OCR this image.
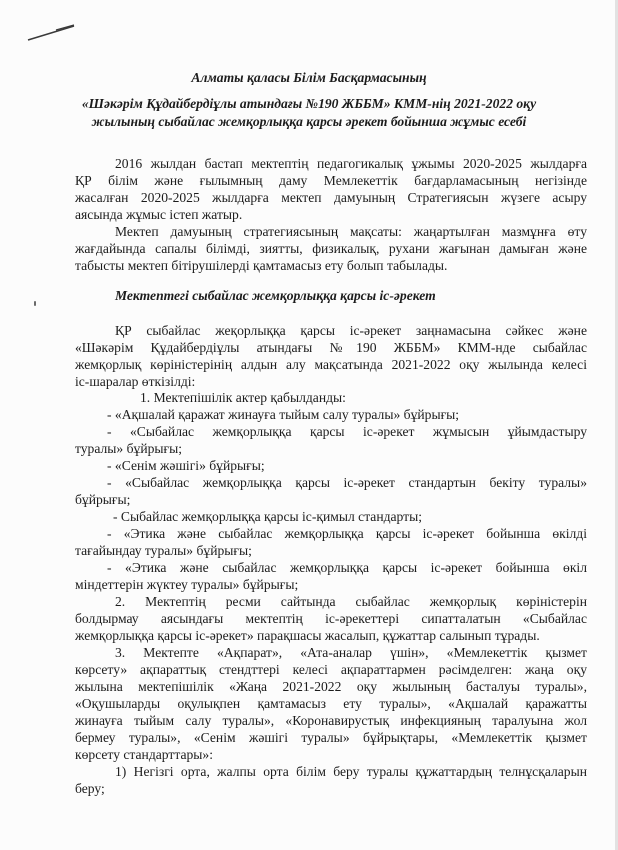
Алматы қаласы Білім Басқармасының
«Шәкәрім Құдайбердіұлы атындағы №190 ЖББМ» КММ-нің 2021-2022 оқу
жылының сыбайлас жемқорлыққа қарсы әрекет бойынша жұмыс есебі
2016 жылдан бастап мектептің педагогикалық ұжымы 2020-2025 жылдарға
ҚР білім және ғылымның даму Мемлекеттік бағдарламасының негізінде
жасалған 2020-2025 жылдарға мектеп дамуының Стратегиясын жүзеге асыру
аясында жұмыс істеп жатыр.
Мектеп дамуының стратегиясының мақсаты: жаңартылған мазмұнға өту
жағдайында сапалы білімді, зиятты, физикалық, рухани жағынан дамыған және
табысты мектеп бітірушілерді қамтамасыз ету болып табылады.
Мектептегі сыбайлас жемқорлыққа қарсы іс-әрекет
ҚР сыбайлас жеқорлыққа қарсы іс-әрекет заңнамасына сәйкес және
«Шәкәрім Құдайбердіұлы атындағы №190 ЖББМ» КММ-нде сыбайлас
жемқорлық көріністерінің алдын алу мақсатында 2021-2022 оқу жылында келесі
іс-шаралар өткізілді:
1. Мектепішілік актер қабылданды:
- «Ақшалай қаражат жинауға тыйым салу туралы» бұйрығы;
- «Сыбайлас жемқорлыққа қарсы іс-әрекет жұмысын ұйымдастыру
туралы» бұйрығы;
- «Сенім жәшігі» бұйрығы;
- «Сыбайлас жемқорлыққа қарсы іс-әрекет стандартын бекіту туралы»
бұйрығы;
- Сыбайлас жемқорлыққа қарсы іс-қимыл стандарты;
- «Этика және сыбайлас жемқорлыққа қарсы іс-әрекет бойынша өкілді
тағайындау туралы» бұйрығы;
- «Этика және сыбайлас жемқорлыққа қарсы іс-әрекет бойынша өкіл
міндеттерін жүктеу туралы» бұйрығы;
2. Мектептің ресми сайтында сыбайлас жемқорлық көріністерін
болдырмау аясындағы мектептің іс-әрекеттері сипатталатын «Сыбайлас
жемқорлыққа қарсы іс-әрекет» парақшасы жасалып, құжаттар салынып тұрады.
3. Мектепте «Ақпарат», «Ата-аналар үшін», «Мемлекеттік қызмет
көрсету» ақпараттық стендттері келесі ақпараттармен рәсімделген: жаңа оқу
жылына мектепішілік «Жаңа 2021-2022 оқу жылының басталуы туралы»,
«Оқушыларды оқулықпен қамтамасыз ету туралы», «Ақшалай қаражатты
жинауға тыйым салу туралы», «Коронавирустық инфекцияның таралуына жол
бермеу туралы», «Сенім жәшігі туралы» бұйрықтары, «Мемлекеттік қызмет
көрсету стандарттары»:
1) Негізгі орта, жалпы орта білім беру туралы құжаттардың телнұсқаларын
беру;
